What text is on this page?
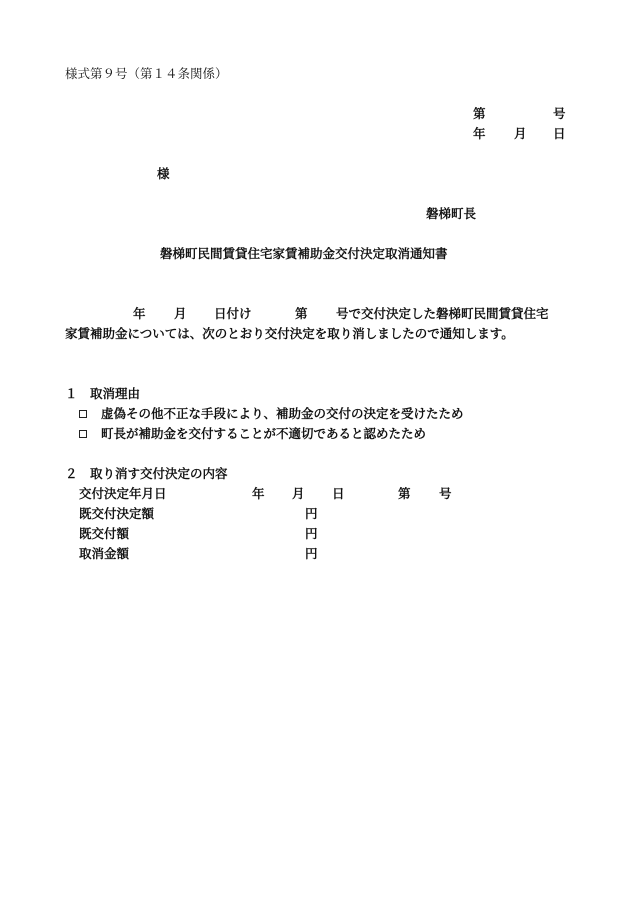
様式第９号（第１４条関係）
第	号
年 月 日
様
磐梯町長
磐梯町民間賃貸住宅家賃補助金交付決定取消通知書
年 月 日付け	第 号で交付決定した磐梯町民間賃貸住宅
家賃補助金については、次のとおり交付決定を取り消しましたので通知します。
１　取消理由
虚偽その他不正な手段により、補助金の交付の決定を受けたため
町長が補助金を交付することが不適切であると認めたため
２　取り消す交付決定の内容
交付決定年月日	年 月 日	第 号
既交付決定額	円
既交付額	円
取消金額	円
